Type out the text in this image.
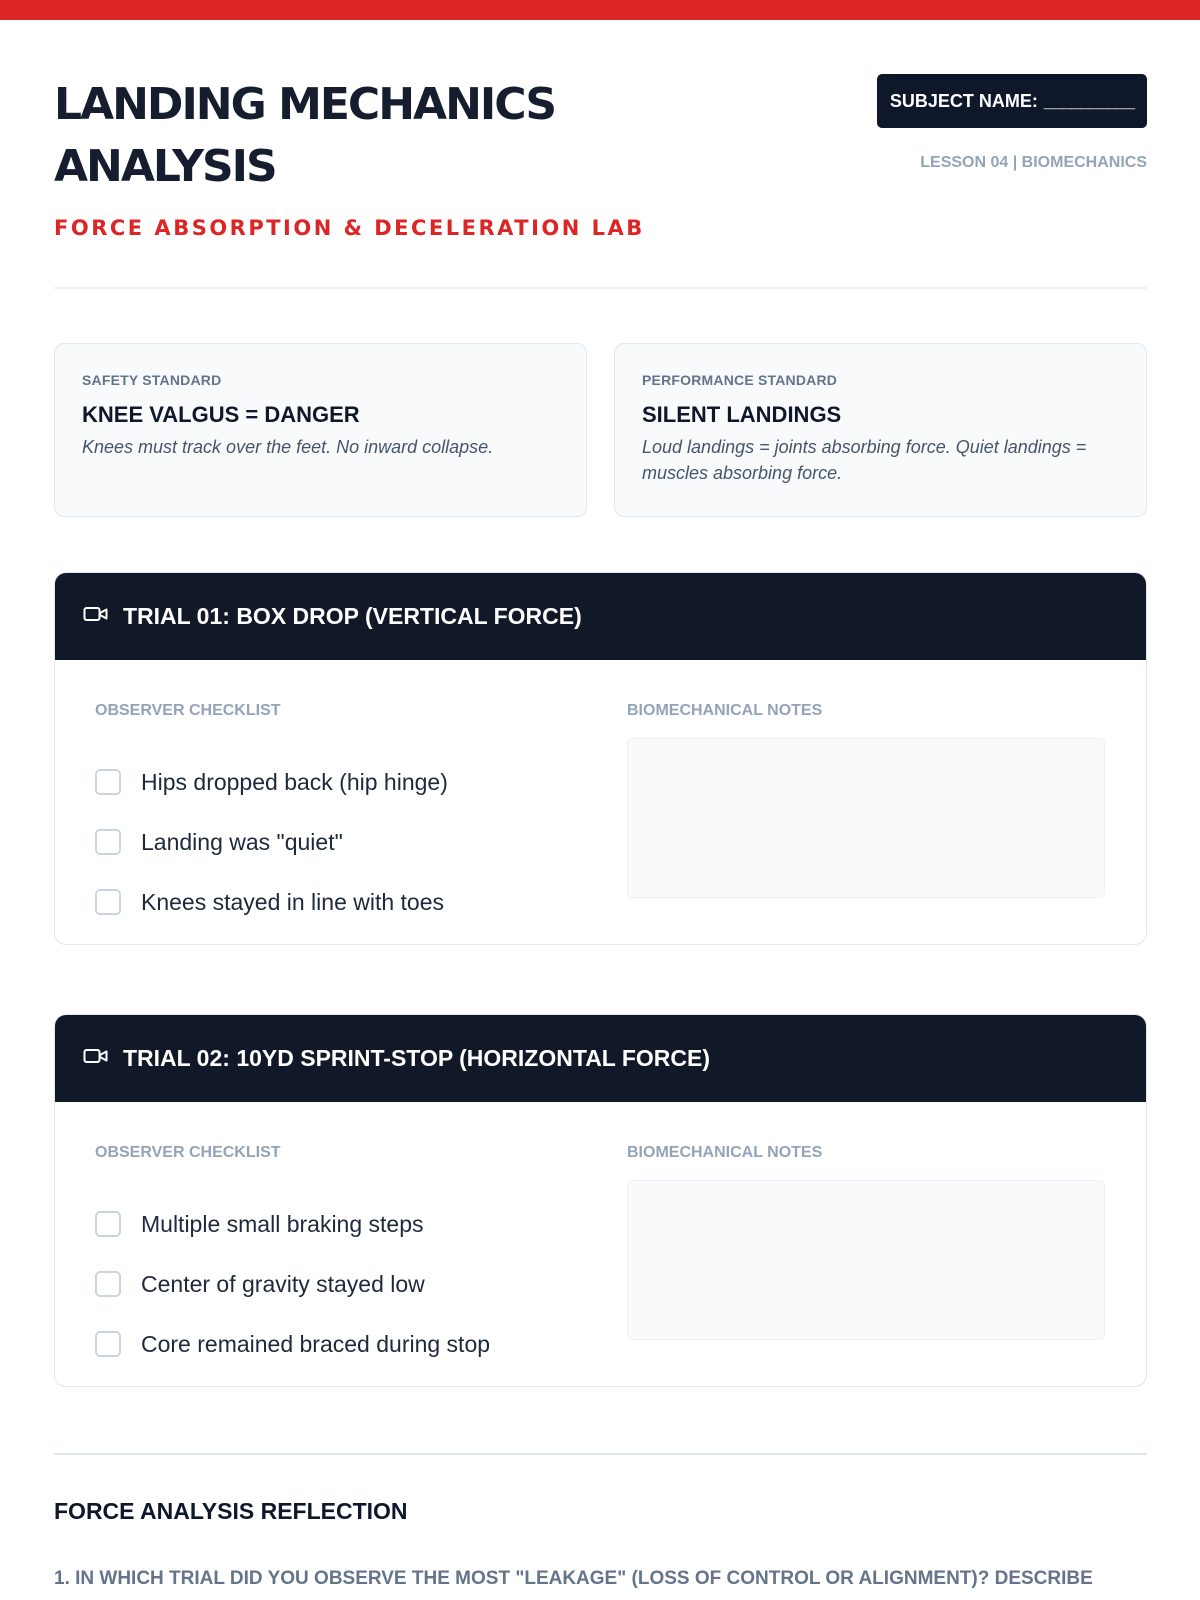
LANDING MECHANICS ANALYSIS
FORCE ABSORPTION & DECELERATION LAB
SUBJECT NAME: __________
LESSON 04 | BIOMECHANICS
SAFETY STANDARD
KNEE VALGUS = DANGER
Knees must track over the feet. No inward collapse.
PERFORMANCE STANDARD
SILENT LANDINGS
Loud landings = joints absorbing force. Quiet landings = muscles absorbing force.
TRIAL 01: BOX DROP (VERTICAL FORCE)
OBSERVER CHECKLIST	BIOMECHANICAL NOTES
Hips dropped back (hip hinge)
Landing was "quiet"
Knees stayed in line with toes
TRIAL 02: 10YD SPRINT-STOP (HORIZONTAL FORCE)
OBSERVER CHECKLIST	BIOMECHANICAL NOTES
Multiple small braking steps
Center of gravity stayed low
Core remained braced during stop
FORCE ANALYSIS REFLECTION
1. IN WHICH TRIAL DID YOU OBSERVE THE MOST "LEAKAGE" (LOSS OF CONTROL OR ALIGNMENT)? DESCRIBE
